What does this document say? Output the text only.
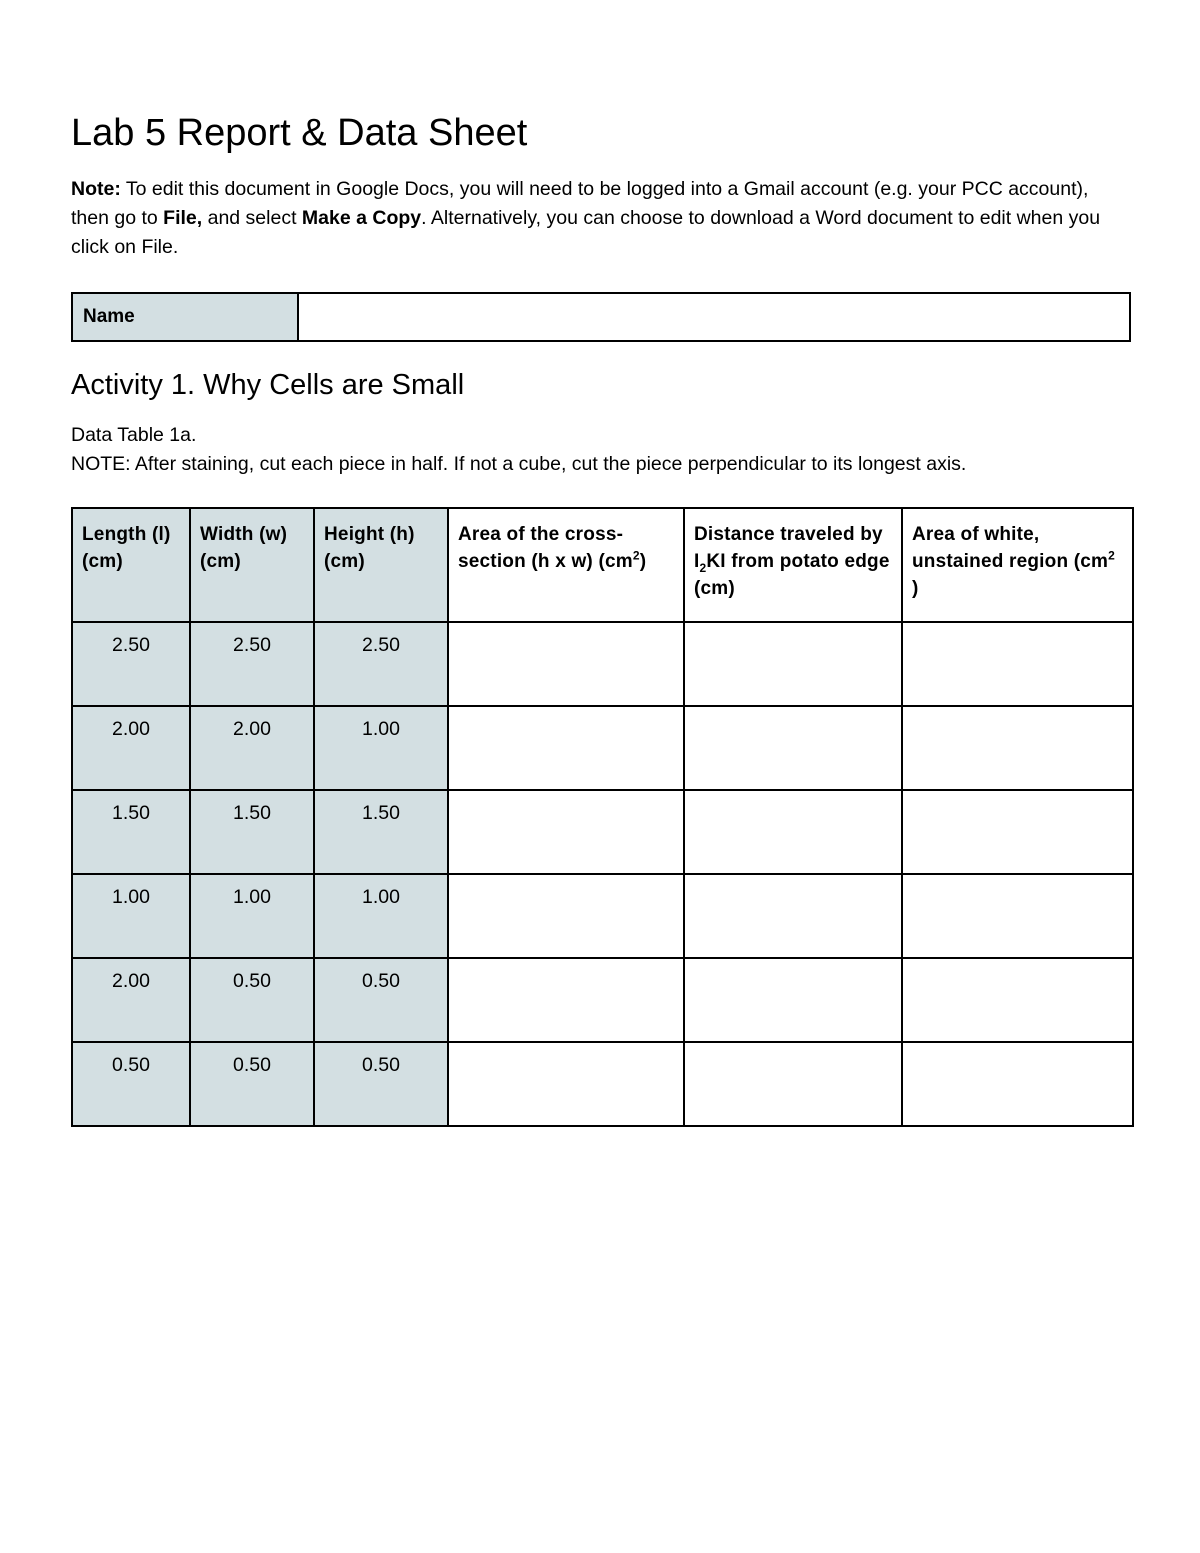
Lab 5 Report & Data Sheet
Note: To edit this document in Google Docs, you will need to be logged into a Gmail account (e.g. your PCC account), then go to File, and select Make a Copy. Alternatively, you can choose to download a Word document to edit when you click on File.
Name	
Activity 1. Why Cells are Small
Data Table 1a.
NOTE: After staining, cut each piece in half. If not a cube, cut the piece perpendicular to its longest axis.
Length (l) (cm)	Width (w) (cm)	Height (h) (cm)	Area of the cross-section (h x w) $(cm^2)$	Distance traveled by $I_2KI$ from potato edge (cm)	Area of white, unstained region ($cm^2$ )
2.50	2.50	2.50			
2.00	2.00	1.00			
1.50	1.50	1.50			
1.00	1.00	1.00			
2.00	0.50	0.50			
0.50	0.50	0.50			
